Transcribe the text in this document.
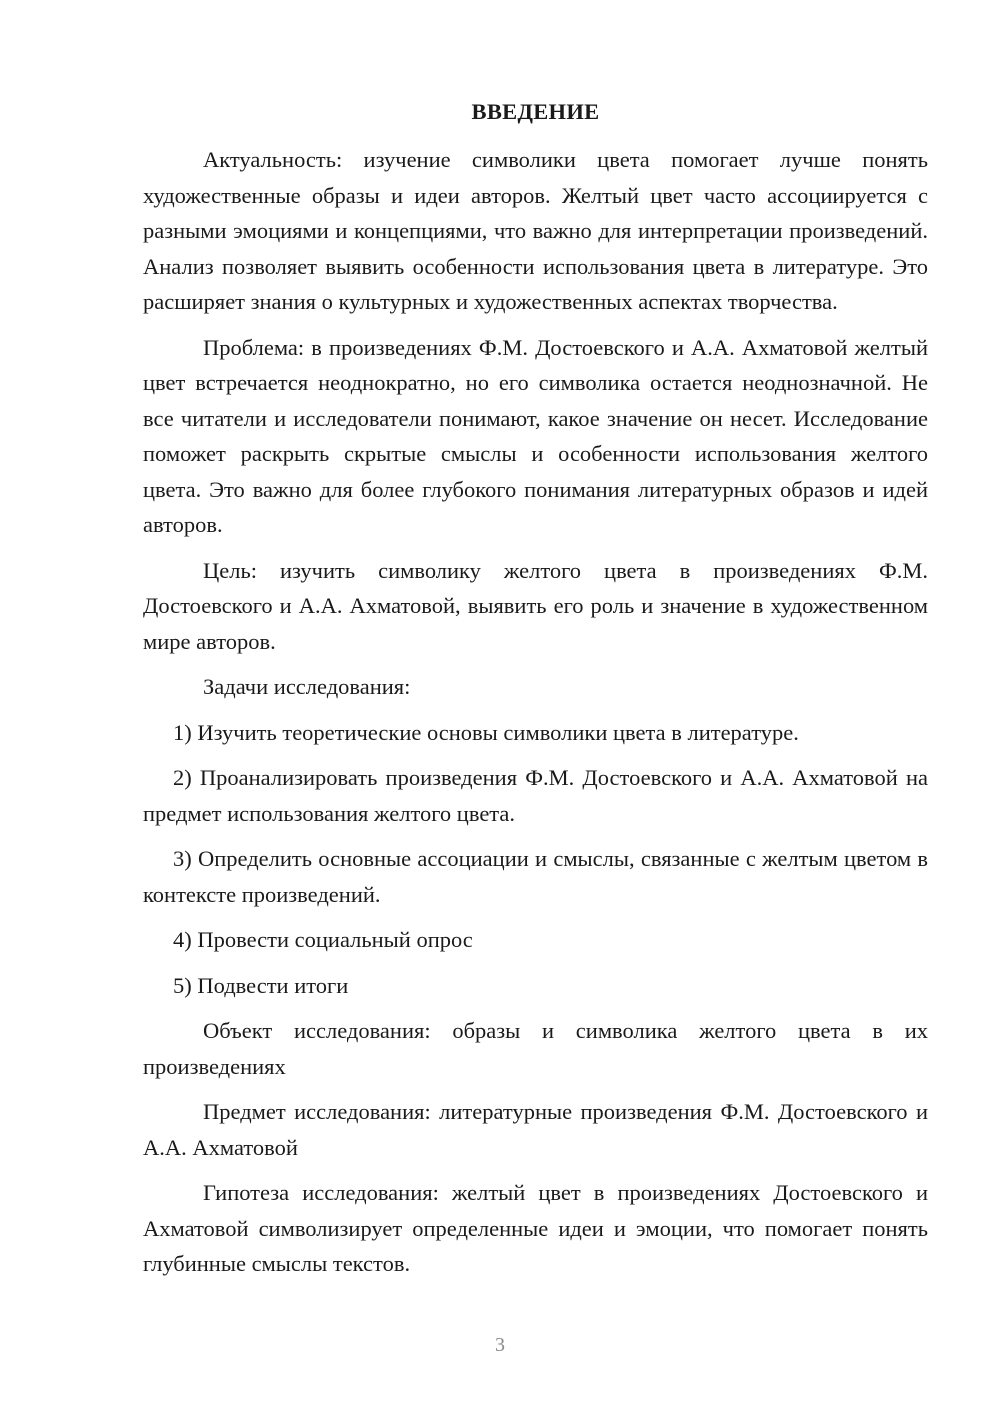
ВВЕДЕНИЕ

Актуальность: изучение символики цвета помогает лучше понять художественные образы и идеи авторов. Желтый цвет часто ассоциируется с разными эмоциями и концепциями, что важно для интерпретации произведений. Анализ позволяет выявить особенности использования цвета в литературе. Это расширяет знания о культурных и художественных аспектах творчества.

Проблема: в произведениях Ф.М. Достоевского и А.А. Ахматовой желтый цвет встречается неоднократно, но его символика остается неоднозначной. Не все читатели и исследователи понимают, какое значение он несет. Исследование поможет раскрыть скрытые смыслы и особенности использования желтого цвета. Это важно для более глубокого понимания литературных образов и идей авторов.

Цель: изучить символику желтого цвета в произведениях Ф.М. Достоевского и А.А. Ахматовой, выявить его роль и значение в художественном мире авторов.

Задачи исследования:

1) Изучить теоретические основы символики цвета в литературе.

2) Проанализировать произведения Ф.М. Достоевского и А.А. Ахматовой на предмет использования желтого цвета.

3) Определить основные ассоциации и смыслы, связанные с желтым цветом в контексте произведений.

4) Провести социальный опрос

5) Подвести итоги

Объект исследования: образы и символика желтого цвета в их произведениях

Предмет исследования: литературные произведения Ф.М. Достоевского и А.А. Ахматовой

Гипотеза исследования: желтый цвет в произведениях Достоевского и Ахматовой символизирует определенные идеи и эмоции, что помогает понять глубинные смыслы текстов.

3
